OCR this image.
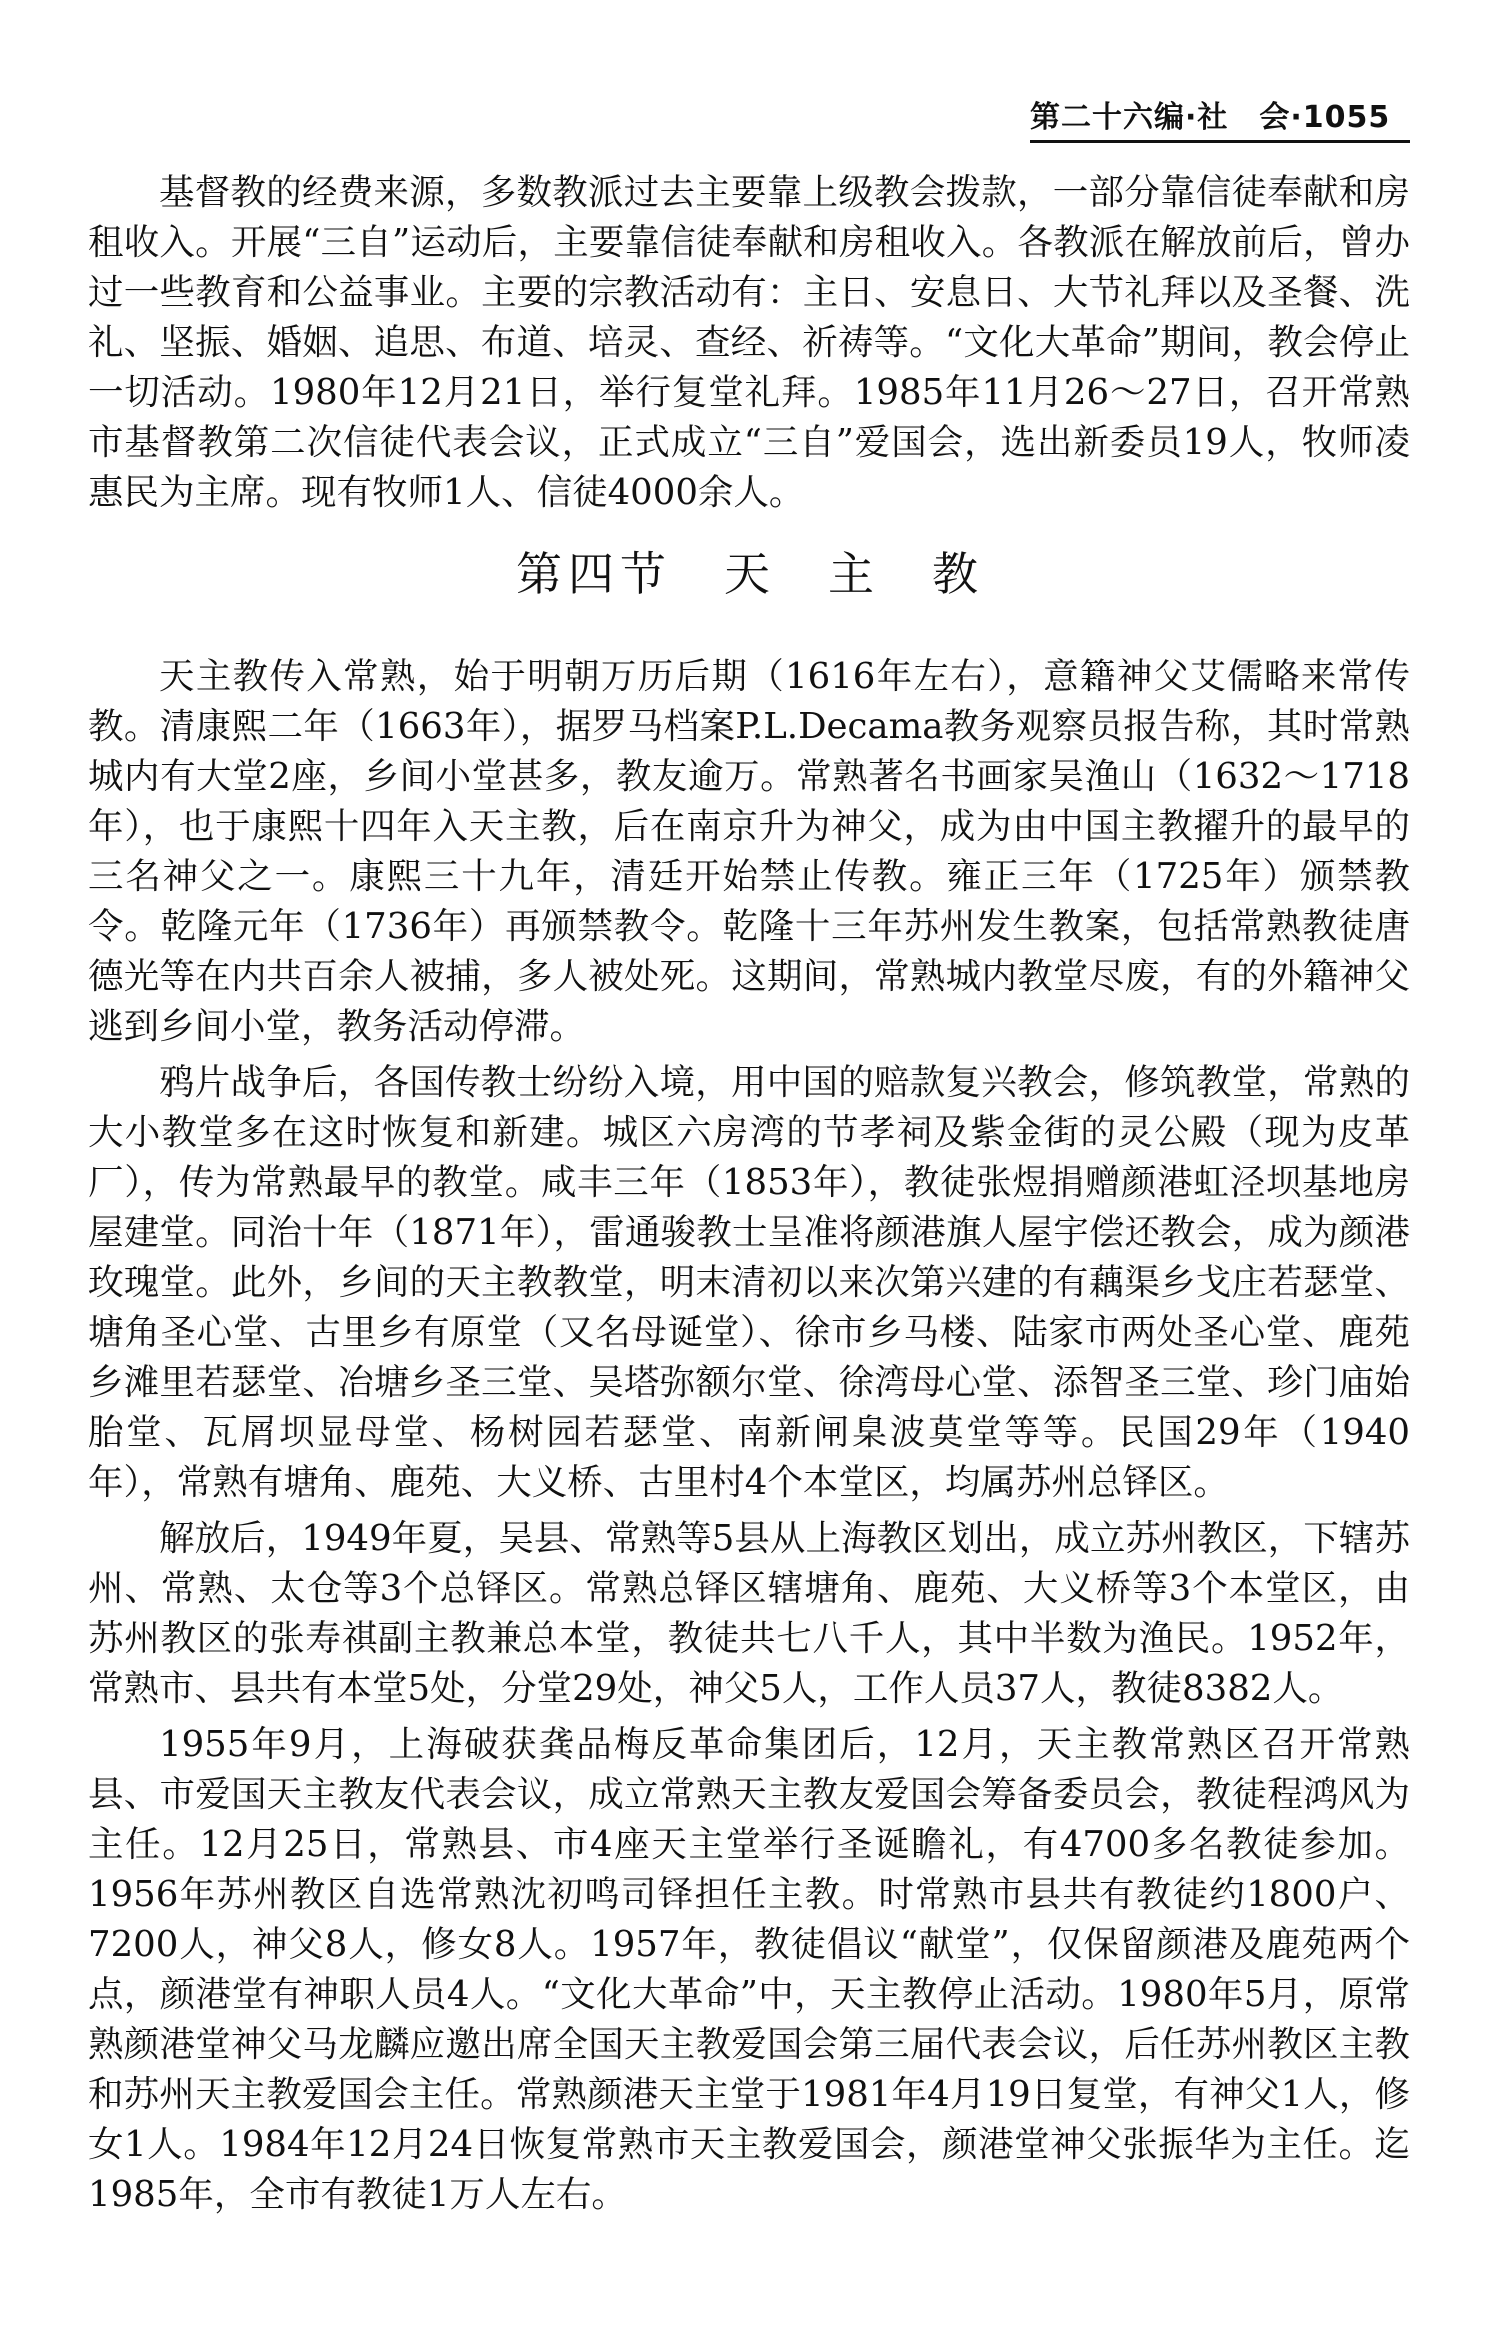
第二十六编·社　会·1055

基督教的经费来源，多数教派过去主要靠上级教会拨款，一部分靠信徒奉献和房租收入。开展“三自”运动后，主要靠信徒奉献和房租收入。各教派在解放前后，曾办过一些教育和公益事业。主要的宗教活动有：主日、安息日、大节礼拜以及圣餐、洗礼、坚振、婚姻、追思、布道、培灵、查经、祈祷等。“文化大革命”期间，教会停止一切活动。1980年12月21日，举行复堂礼拜。1985年11月26～27日，召开常熟市基督教第二次信徒代表会议，正式成立“三自”爱国会，选出新委员19人，牧师凌惠民为主席。现有牧师1人、信徒4000余人。

第四节　天　主　教

天主教传入常熟，始于明朝万历后期（1616年左右），意籍神父艾儒略来常传教。清康熙二年（1663年），据罗马档案P.L.Decama教务观察员报告称，其时常熟城内有大堂2座，乡间小堂甚多，教友逾万。常熟著名书画家吴渔山（1632～1718年），也于康熙十四年入天主教，后在南京升为神父，成为由中国主教擢升的最早的三名神父之一。康熙三十九年，清廷开始禁止传教。雍正三年（1725年）颁禁教令。乾隆元年（1736年）再颁禁教令。乾隆十三年苏州发生教案，包括常熟教徒唐德光等在内共百余人被捕，多人被处死。这期间，常熟城内教堂尽废，有的外籍神父逃到乡间小堂，教务活动停滞。

鸦片战争后，各国传教士纷纷入境，用中国的赔款复兴教会，修筑教堂，常熟的大小教堂多在这时恢复和新建。城区六房湾的节孝祠及紫金街的灵公殿（现为皮革厂），传为常熟最早的教堂。咸丰三年（1853年），教徒张煜捐赠颜港虹泾坝基地房屋建堂。同治十年（1871年），雷通骏教士呈准将颜港旗人屋宇偿还教会，成为颜港玫瑰堂。此外，乡间的天主教教堂，明末清初以来次第兴建的有藕渠乡戈庄若瑟堂、塘角圣心堂、古里乡有原堂（又名母诞堂）、徐市乡马楼、陆家市两处圣心堂、鹿苑乡滩里若瑟堂、冶塘乡圣三堂、吴塔弥额尔堂、徐湾母心堂、添智圣三堂、珍门庙始胎堂、瓦屑坝显母堂、杨树园若瑟堂、南新闸臬波莫堂等等。民国29年（1940年），常熟有塘角、鹿苑、大义桥、古里村4个本堂区，均属苏州总铎区。

解放后，1949年夏，吴县、常熟等5县从上海教区划出，成立苏州教区，下辖苏州、常熟、太仓等3个总铎区。常熟总铎区辖塘角、鹿苑、大义桥等3个本堂区，由苏州教区的张寿祺副主教兼总本堂，教徒共七八千人，其中半数为渔民。1952年，常熟市、县共有本堂5处，分堂29处，神父5人，工作人员37人，教徒8382人。

1955年9月，上海破获龚品梅反革命集团后，12月，天主教常熟区召开常熟县、市爱国天主教友代表会议，成立常熟天主教友爱国会筹备委员会，教徒程鸿风为主任。12月25日，常熟县、市4座天主堂举行圣诞瞻礼，有4700多名教徒参加。1956年苏州教区自选常熟沈初鸣司铎担任主教。时常熟市县共有教徒约1800户、7200人，神父8人，修女8人。1957年，教徒倡议“献堂”，仅保留颜港及鹿苑两个点，颜港堂有神职人员4人。“文化大革命”中，天主教停止活动。1980年5月，原常熟颜港堂神父马龙麟应邀出席全国天主教爱国会第三届代表会议，后任苏州教区主教和苏州天主教爱国会主任。常熟颜港天主堂于1981年4月19日复堂，有神父1人，修女1人。1984年12月24日恢复常熟市天主教爱国会，颜港堂神父张振华为主任。迄1985年，全市有教徒1万人左右。
